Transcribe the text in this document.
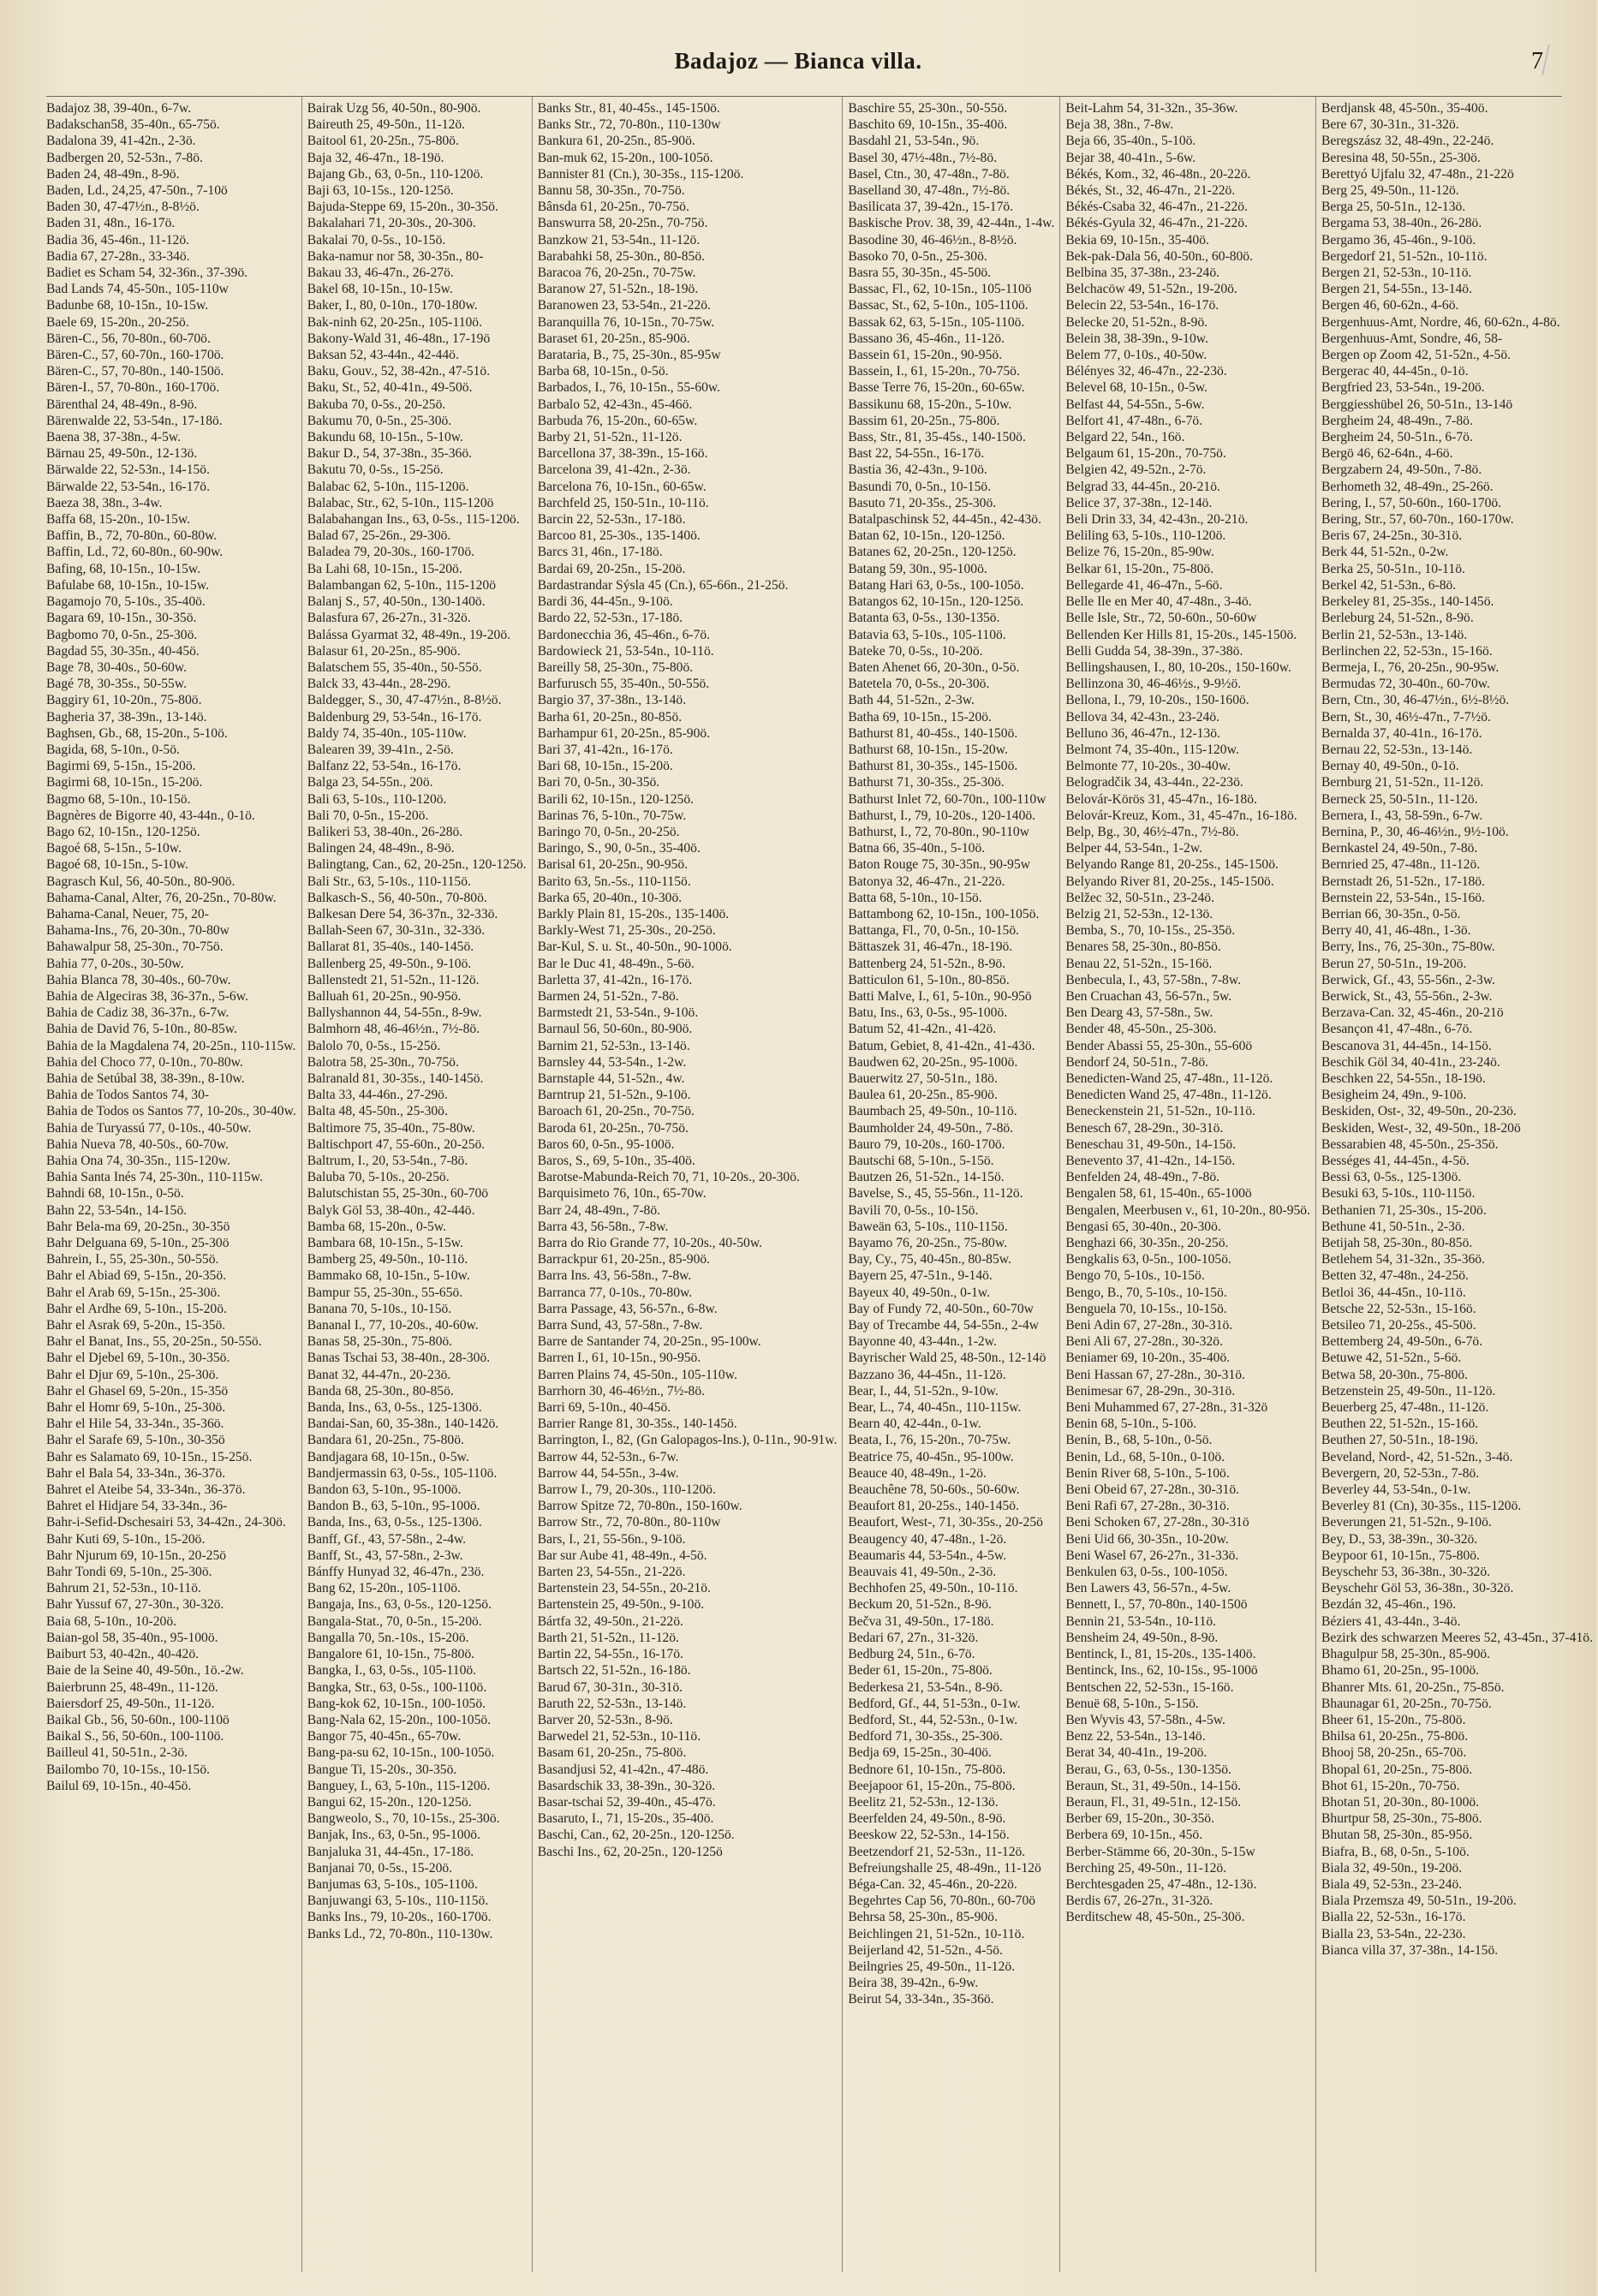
Badajoz — Bianca villa.	7
Badajoz 38, 39-40n., 6-7w.
Badakschan58, 35-40n., 65-75ö.
Badalona 39, 41-42n., 2-3ö.
Badbergen 20, 52-53n., 7-8ö.
Baden 24, 48-49n., 8-9ö.
Baden, Ld., 24,25, 47-50n., 7-10ö
Baden 30, 47-47½n., 8-8½ö.
Baden 31, 48n., 16-17ö.
Badia 36, 45-46n., 11-12ö.
Badia 67, 27-28n., 33-34ö.
Badiet es Scham 54, 32-36n., 37-39ö.
Bad Lands 74, 45-50n., 105-110w
Badunbe 68, 10-15n., 10-15w.
Baele 69, 15-20n., 20-25ö.
Bären-C., 56, 70-80n., 60-70ö.
Bären-C., 57, 60-70n., 160-170ö.
Bären-C., 57, 70-80n., 140-150ö.
Bären-I., 57, 70-80n., 160-170ö.
Bärenthal 24, 48-49n., 8-9ö.
Bärenwalde 22, 53-54n., 17-18ö.
Baena 38, 37-38n., 4-5w.
Bärnau 25, 49-50n., 12-13ö.
Bärwalde 22, 52-53n., 14-15ö.
Bärwalde 22, 53-54n., 16-17ö.
Baeza 38, 38n., 3-4w.
Baffa 68, 15-20n., 10-15w.
Baffin, B., 72, 70-80n., 60-80w.
Baffin, Ld., 72, 60-80n., 60-90w.
Bafing, 68, 10-15n., 10-15w.
Bafulabe 68, 10-15n., 10-15w.
Bagamojo 70, 5-10s., 35-40ö.
Bagara 69, 10-15n., 30-35ö.
Bagbomo 70, 0-5n., 25-30ö.
Bagdad 55, 30-35n., 40-45ö.
Bage 78, 30-40s., 50-60w.
Bagé 78, 30-35s., 50-55w.
Baggiry 61, 10-20n., 75-80ö.
Bagheria 37, 38-39n., 13-14ö.
Baghsen, Gb., 68, 15-20n., 5-10ö.
Bagida, 68, 5-10n., 0-5ö.
Bagirmi 69, 5-15n., 15-20ö.
Bagirmi 68, 10-15n., 15-20ö.
Bagmo 68, 5-10n., 10-15ö.
Bagnères de Bigorre 40, 43-44n., 0-1ö.
Bago 62, 10-15n., 120-125ö.
Bagoé 68, 5-15n., 5-10w.
Bagoé 68, 10-15n., 5-10w.
Bagrasch Kul, 56, 40-50n., 80-90ö.
Bahama-Canal, Alter, 76, 20-25n., 70-80w.
Bahama-Canal, Neuer, 75, 20-
Bahama-Ins., 76, 20-30n., 70-80w
Bahawalpur 58, 25-30n., 70-75ö.
Bahia 77, 0-20s., 30-50w.
Bahia Blanca 78, 30-40s., 60-70w.
Bahia de Algeciras 38, 36-37n., 5-6w.
Bahia de Cadiz 38, 36-37n., 6-7w.
Bahia de David 76, 5-10n., 80-85w.
Bahia de la Magdalena 74, 20-25n., 110-115w.
Bahia del Choco 77, 0-10n., 70-80w.
Bahia de Setúbal 38, 38-39n., 8-10w.
Bahia de Todos Santos 74, 30-
Bahia de Todos os Santos 77, 10-20s., 30-40w.
Bahia de Turyassú 77, 0-10s., 40-50w.
Bahia Nueva 78, 40-50s., 60-70w.
Bahia Ona 74, 30-35n., 115-120w.
Bahia Santa Inés 74, 25-30n., 110-115w.
Bahndi 68, 10-15n., 0-5ö.
Bahn 22, 53-54n., 14-15ö.
Bahr Bela-ma 69, 20-25n., 30-35ö
Bahr Delguana 69, 5-10n., 25-30ö
Bahrein, I., 55, 25-30n., 50-55ö.
Bahr el Abiad 69, 5-15n., 20-35ö.
Bahr el Arab 69, 5-15n., 25-30ö.
Bahr el Ardhe 69, 5-10n., 15-20ö.
Bahr el Asrak 69, 5-20n., 15-35ö.
Bahr el Banat, Ins., 55, 20-25n., 50-55ö.
Bahr el Djebel 69, 5-10n., 30-35ö.
Bahr el Djur 69, 5-10n., 25-30ö.
Bahr el Ghasel 69, 5-20n., 15-35ö
Bahr el Homr 69, 5-10n., 25-30ö.
Bahr el Hile 54, 33-34n., 35-36ö.
Bahr el Sarafe 69, 5-10n., 30-35ö
Bahr es Salamato 69, 10-15n., 15-25ö.
Bahr el Bala 54, 33-34n., 36-37ö.
Bahret el Ateibe 54, 33-34n., 36-37ö.
Bahret el Hidjare 54, 33-34n., 36-
Bahr-i-Sefid-Dschesairi 53, 34-42n., 24-30ö.
Bahr Kuti 69, 5-10n., 15-20ö.
Bahr Njurum 69, 10-15n., 20-25ö
Bahr Tondi 69, 5-10n., 25-30ö.
Bahrum 21, 52-53n., 10-11ö.
Bahr Yussuf 67, 27-30n., 30-32ö.
Baia 68, 5-10n., 10-20ö.
Baian-gol 58, 35-40n., 95-100ö.
Baiburt 53, 40-42n., 40-42ö.
Baie de la Seine 40, 49-50n., 1ö.-2w.
Baierbrunn 25, 48-49n., 11-12ö.
Baiersdorf 25, 49-50n., 11-12ö.
Baikal Gb., 56, 50-60n., 100-110ö
Baikal S., 56, 50-60n., 100-110ö.
Bailleul 41, 50-51n., 2-3ö.
Bailombo 70, 10-15s., 10-15ö.
Bailul 69, 10-15n., 40-45ö.
Bairak Uzg 56, 40-50n., 80-90ö.
Baireuth 25, 49-50n., 11-12ö.
Baitool 61, 20-25n., 75-80ö.
Baja 32, 46-47n., 18-19ö.
Bajang Gb., 63, 0-5n., 110-120ö.
Baji 63, 10-15s., 120-125ö.
Bajuda-Steppe 69, 15-20n., 30-35ö.
Bakalahari 71, 20-30s., 20-30ö.
Bakalai 70, 0-5s., 10-15ö.
Baka-namur nor 58, 30-35n., 80-
Bakau 33, 46-47n., 26-27ö.
Bakel 68, 10-15n., 10-15w.
Baker, I., 80, 0-10n., 170-180w.
Bak-ninh 62, 20-25n., 105-110ö.
Bakony-Wald 31, 46-48n., 17-19ö
Baksan 52, 43-44n., 42-44ö.
Baku, Gouv., 52, 38-42n., 47-51ö.
Baku, St., 52, 40-41n., 49-50ö.
Bakuba 70, 0-5s., 20-25ö.
Bakumu 70, 0-5n., 25-30ö.
Bakundu 68, 10-15n., 5-10w.
Bakur D., 54, 37-38n., 35-36ö.
Bakutu 70, 0-5s., 15-25ö.
Balabac 62, 5-10n., 115-120ö.
Balabac, Str., 62, 5-10n., 115-120ö
Balabahangan Ins., 63, 0-5s., 115-120ö.
Balad 67, 25-26n., 29-30ö.
Baladea 79, 20-30s., 160-170ö.
Ba Lahi 68, 10-15n., 15-20ö.
Balambangan 62, 5-10n., 115-120ö
Balanj S., 57, 40-50n., 130-140ö.
Balasfura 67, 26-27n., 31-32ö.
Balássa Gyarmat 32, 48-49n., 19-20ö.
Balasur 61, 20-25n., 85-90ö.
Balatschem 55, 35-40n., 50-55ö.
Balck 33, 43-44n., 28-29ö.
Baldegger, S., 30, 47-47½n., 8-8½ö.
Baldenburg 29, 53-54n., 16-17ö.
Baldy 74, 35-40n., 105-110w.
Balearen 39, 39-41n., 2-5ö.
Balfanz 22, 53-54n., 16-17ö.
Balga 23, 54-55n., 20ö.
Bali 63, 5-10s., 110-120ö.
Bali 70, 0-5n., 15-20ö.
Balikeri 53, 38-40n., 26-28ö.
Balingen 24, 48-49n., 8-9ö.
Balingtang, Can., 62, 20-25n., 120-125ö.
Bali Str., 63, 5-10s., 110-115ö.
Balkasch-S., 56, 40-50n., 70-80ö.
Balkesan Dere 54, 36-37n., 32-33ö.
Ballah-Seen 67, 30-31n., 32-33ö.
Ballarat 81, 35-40s., 140-145ö.
Ballenberg 25, 49-50n., 9-10ö.
Ballenstedt 21, 51-52n., 11-12ö.
Balluah 61, 20-25n., 90-95ö.
Ballyshannon 44, 54-55n., 8-9w.
Balmhorn 48, 46-46½n., 7½-8ö.
Balolo 70, 0-5s., 15-25ö.
Balotra 58, 25-30n., 70-75ö.
Balranald 81, 30-35s., 140-145ö.
Balta 33, 44-46n., 27-29ö.
Balta 48, 45-50n., 25-30ö.
Baltimore 75, 35-40n., 75-80w.
Baltischport 47, 55-60n., 20-25ö.
Baltrum, I., 20, 53-54n., 7-8ö.
Baluba 70, 5-10s., 20-25ö.
Balutschistan 55, 25-30n., 60-70ö
Balyk Göl 53, 38-40n., 42-44ö.
Bamba 68, 15-20n., 0-5w.
Bambara 68, 10-15n., 5-15w.
Bamberg 25, 49-50n., 10-11ö.
Bammako 68, 10-15n., 5-10w.
Bampur 55, 25-30n., 55-65ö.
Banana 70, 5-10s., 10-15ö.
Bananal I., 77, 10-20s., 40-60w.
Banas 58, 25-30n., 75-80ö.
Banas Tschai 53, 38-40n., 28-30ö.
Banat 32, 44-47n., 20-23ö.
Banda 68, 25-30n., 80-85ö.
Banda, Ins., 63, 0-5s., 125-130ö.
Bandai-San, 60, 35-38n., 140-142ö.
Bandara 61, 20-25n., 75-80ö.
Bandjagara 68, 10-15n., 0-5w.
Bandjermassin 63, 0-5s., 105-110ö.
Bandon 63, 5-10n., 95-100ö.
Bandon B., 63, 5-10n., 95-100ö.
Banda, Ins., 63, 0-5s., 125-130ö.
Banff, Gf., 43, 57-58n., 2-4w.
Banff, St., 43, 57-58n., 2-3w.
Bánffy Hunyad 32, 46-47n., 23ö.
Bang 62, 15-20n., 105-110ö.
Bangaja, Ins., 63, 0-5s., 120-125ö.
Bangala-Stat., 70, 0-5n., 15-20ö.
Bangalla 70, 5n.-10s., 15-20ö.
Bangalore 61, 10-15n., 75-80ö.
Bangka, I., 63, 0-5s., 105-110ö.
Bangka, Str., 63, 0-5s., 100-110ö.
Bang-kok 62, 10-15n., 100-105ö.
Bang-Nala 62, 15-20n., 100-105ö.
Bangor 75, 40-45n., 65-70w.
Bang-pa-su 62, 10-15n., 100-105ö.
Bangue Ti, 15-20s., 30-35ö.
Banguey, I., 63, 5-10n., 115-120ö.
Bangui 62, 15-20n., 120-125ö.
Bangweolo, S., 70, 10-15s., 25-30ö.
Banjak, Ins., 63, 0-5n., 95-100ö.
Banjaluka 31, 44-45n., 17-18ö.
Banjanai 70, 0-5s., 15-20ö.
Banjumas 63, 5-10s., 105-110ö.
Banjuwangi 63, 5-10s., 110-115ö.
Banks Ins., 79, 10-20s., 160-170ö.
Banks Ld., 72, 70-80n., 110-130w.
Banks Str., 81, 40-45s., 145-150ö.
Banks Str., 72, 70-80n., 110-130w
Bankura 61, 20-25n., 85-90ö.
Ban-muk 62, 15-20n., 100-105ö.
Bannister 81 (Cn.), 30-35s., 115-120ö.
Bannu 58, 30-35n., 70-75ö.
Bânsda 61, 20-25n., 70-75ö.
Banswurra 58, 20-25n., 70-75ö.
Banzkow 21, 53-54n., 11-12ö.
Barabahki 58, 25-30n., 80-85ö.
Baracoa 76, 20-25n., 70-75w.
Baranow 27, 51-52n., 18-19ö.
Baranowen 23, 53-54n., 21-22ö.
Baranquilla 76, 10-15n., 70-75w.
Baraset 61, 20-25n., 85-90ö.
Barataria, B., 75, 25-30n., 85-95w
Barba 68, 10-15n., 0-5ö.
Barbados, I., 76, 10-15n., 55-60w.
Barbalo 52, 42-43n., 45-46ö.
Barbuda 76, 15-20n., 60-65w.
Barby 21, 51-52n., 11-12ö.
Barcellona 37, 38-39n., 15-16ö.
Barcelona 39, 41-42n., 2-3ö.
Barcelona 76, 10-15n., 60-65w.
Barchfeld 25, 150-51n., 10-11ö.
Barcin 22, 52-53n., 17-18ö.
Barcoo 81, 25-30s., 135-140ö.
Barcs 31, 46n., 17-18ö.
Bardai 69, 20-25n., 15-20ö.
Bardastrandar Sýsla 45 (Cn.), 65-66n., 21-25ö.
Bardi 36, 44-45n., 9-10ö.
Bardo 22, 52-53n., 17-18ö.
Bardonecchia 36, 45-46n., 6-7ö.
Bardowieck 21, 53-54n., 10-11ö.
Bareilly 58, 25-30n., 75-80ö.
Barfurusch 55, 35-40n., 50-55ö.
Bargio 37, 37-38n., 13-14ö.
Barha 61, 20-25n., 80-85ö.
Barhampur 61, 20-25n., 85-90ö.
Bari 37, 41-42n., 16-17ö.
Bari 68, 10-15n., 15-20ö.
Bari 70, 0-5n., 30-35ö.
Barili 62, 10-15n., 120-125ö.
Barinas 76, 5-10n., 70-75w.
Baringo 70, 0-5n., 20-25ö.
Baringo, S., 90, 0-5n., 35-40ö.
Barisal 61, 20-25n., 90-95ö.
Barito 63, 5n.-5s., 110-115ö.
Barka 65, 20-40n., 10-30ö.
Barkly Plain 81, 15-20s., 135-140ö.
Barkly-West 71, 25-30s., 20-25ö.
Bar-Kul, S. u. St., 40-50n., 90-100ö.
Bar le Duc 41, 48-49n., 5-6ö.
Barletta 37, 41-42n., 16-17ö.
Barmen 24, 51-52n., 7-8ö.
Barmstedt 21, 53-54n., 9-10ö.
Barnaul 56, 50-60n., 80-90ö.
Barnim 21, 52-53n., 13-14ö.
Barnsley 44, 53-54n., 1-2w.
Barnstaple 44, 51-52n., 4w.
Barntrup 21, 51-52n., 9-10ö.
Baroach 61, 20-25n., 70-75ö.
Baroda 61, 20-25n., 70-75ö.
Baros 60, 0-5n., 95-100ö.
Baros, S., 69, 5-10n., 35-40ö.
Barotse-Mabunda-Reich 70, 71, 10-20s., 20-30ö.
Barquisimeto 76, 10n., 65-70w.
Barr 24, 48-49n., 7-8ö.
Barra 43, 56-58n., 7-8w.
Barra do Rio Grande 77, 10-20s., 40-50w.
Barrackpur 61, 20-25n., 85-90ö.
Barra Ins. 43, 56-58n., 7-8w.
Barranca 77, 0-10s., 70-80w.
Barra Passage, 43, 56-57n., 6-8w.
Barra Sund, 43, 57-58n., 7-8w.
Barre de Santander 74, 20-25n., 95-100w.
Barren I., 61, 10-15n., 90-95ö.
Barren Plains 74, 45-50n., 105-110w.
Barrhorn 30, 46-46½n., 7½-8ö.
Barri 69, 5-10n., 40-45ö.
Barrier Range 81, 30-35s., 140-145ö.
Barrington, I., 82, (Gn Galopagos-Ins.), 0-11n., 90-91w.
Barrow 44, 52-53n., 6-7w.
Barrow 44, 54-55n., 3-4w.
Barrow I., 79, 20-30s., 110-120ö.
Barrow Spitze 72, 70-80n., 150-160w.
Barrow Str., 72, 70-80n., 80-110w
Bars, I., 21, 55-56n., 9-10ö.
Bar sur Aube 41, 48-49n., 4-5ö.
Barten 23, 54-55n., 21-22ö.
Bartenstein 23, 54-55n., 20-21ö.
Bartenstein 25, 49-50n., 9-10ö.
Bártfa 32, 49-50n., 21-22ö.
Barth 21, 51-52n., 11-12ö.
Bartin 22, 54-55n., 16-17ö.
Bartsch 22, 51-52n., 16-18ö.
Barud 67, 30-31n., 30-31ö.
Baruth 22, 52-53n., 13-14ö.
Barver 20, 52-53n., 8-9ö.
Barwedel 21, 52-53n., 10-11ö.
Basam 61, 20-25n., 75-80ö.
Basandjusi 52, 41-42n., 47-48ö.
Basardschik 33, 38-39n., 30-32ö.
Basar-tschai 52, 39-40n., 45-47ö.
Basaruto, I., 71, 15-20s., 35-40ö.
Baschi, Can., 62, 20-25n., 120-125ö.
Baschi Ins., 62, 20-25n., 120-125ö
Baschire 55, 25-30n., 50-55ö.
Baschito 69, 10-15n., 35-40ö.
Basdahl 21, 53-54n., 9ö.
Basel 30, 47½-48n., 7½-8ö.
Basel, Ctn., 30, 47-48n., 7-8ö.
Baselland 30, 47-48n., 7½-8ö.
Basilicata 37, 39-42n., 15-17ö.
Baskische Prov. 38, 39, 42-44n., 1-4w.
Basodine 30, 46-46½n., 8-8½ö.
Basoko 70, 0-5n., 25-30ö.
Basra 55, 30-35n., 45-50ö.
Bassac, Fl., 62, 10-15n., 105-110ö
Bassac, St., 62, 5-10n., 105-110ö.
Bassak 62, 63, 5-15n., 105-110ö.
Bassano 36, 45-46n., 11-12ö.
Bassein 61, 15-20n., 90-95ö.
Bassein, I., 61, 15-20n., 70-75ö.
Basse Terre 76, 15-20n., 60-65w.
Bassikunu 68, 15-20n., 5-10w.
Bassim 61, 20-25n., 75-80ö.
Bass, Str., 81, 35-45s., 140-150ö.
Bast 22, 54-55n., 16-17ö.
Bastia 36, 42-43n., 9-10ö.
Basundi 70, 0-5n., 10-15ö.
Basuto 71, 20-35s., 25-30ö.
Batalpaschinsk 52, 44-45n., 42-43ö.
Batan 62, 10-15n., 120-125ö.
Batanes 62, 20-25n., 120-125ö.
Batang 59, 30n., 95-100ö.
Batang Hari 63, 0-5s., 100-105ö.
Batangos 62, 10-15n., 120-125ö.
Batanta 63, 0-5s., 130-135ö.
Batavia 63, 5-10s., 105-110ö.
Bateke 70, 0-5s., 10-20ö.
Baten Ahenet 66, 20-30n., 0-5ö.
Batetela 70, 0-5s., 20-30ö.
Bath 44, 51-52n., 2-3w.
Batha 69, 10-15n., 15-20ö.
Bathurst 81, 40-45s., 140-150ö.
Bathurst 68, 10-15n., 15-20w.
Bathurst 81, 30-35s., 145-150ö.
Bathurst 71, 30-35s., 25-30ö.
Bathurst Inlet 72, 60-70n., 100-110w
Bathurst, I., 79, 10-20s., 120-140ö.
Bathurst, I., 72, 70-80n., 90-110w
Batna 66, 35-40n., 5-10ö.
Baton Rouge 75, 30-35n., 90-95w
Batonya 32, 46-47n., 21-22ö.
Batta 68, 5-10n., 10-15ö.
Battambong 62, 10-15n., 100-105ö.
Battanga, Fl., 70, 0-5n., 10-15ö.
Bättaszek 31, 46-47n., 18-19ö.
Battenberg 24, 51-52n., 8-9ö.
Batticulon 61, 5-10n., 80-85ö.
Batti Malve, I., 61, 5-10n., 90-95ö
Batu, Ins., 63, 0-5s., 95-100ö.
Batum 52, 41-42n., 41-42ö.
Batum, Gebiet, 8, 41-42n., 41-43ö.
Baudwen 62, 20-25n., 95-100ö.
Bauerwitz 27, 50-51n., 18ö.
Baulea 61, 20-25n., 85-90ö.
Baumbach 25, 49-50n., 10-11ö.
Baumholder 24, 49-50n., 7-8ö.
Bauro 79, 10-20s., 160-170ö.
Bautschi 68, 5-10n., 5-15ö.
Bautzen 26, 51-52n., 14-15ö.
Bavelse, S., 45, 55-56n., 11-12ö.
Bavili 70, 0-5s., 10-15ö.
Baweän 63, 5-10s., 110-115ö.
Bayamo 76, 20-25n., 75-80w.
Bay, Cy., 75, 40-45n., 80-85w.
Bayern 25, 47-51n., 9-14ö.
Bayeux 40, 49-50n., 0-1w.
Bay of Fundy 72, 40-50n., 60-70w
Bay of Trecambe 44, 54-55n., 2-4w
Bayonne 40, 43-44n., 1-2w.
Bayrischer Wald 25, 48-50n., 12-14ö
Bazzano 36, 44-45n., 11-12ö.
Bear, I., 44, 51-52n., 9-10w.
Bear, L., 74, 40-45n., 110-115w.
Bearn 40, 42-44n., 0-1w.
Beata, I., 76, 15-20n., 70-75w.
Beatrice 75, 40-45n., 95-100w.
Beauce 40, 48-49n., 1-2ö.
Beauchêne 78, 50-60s., 50-60w.
Beaufort 81, 20-25s., 140-145ö.
Beaufort, West-, 71, 30-35s., 20-25ö
Beaugency 40, 47-48n., 1-2ö.
Beaumaris 44, 53-54n., 4-5w.
Beauvais 41, 49-50n., 2-3ö.
Bechhofen 25, 49-50n., 10-11ö.
Beckum 20, 51-52n., 8-9ö.
Bečva 31, 49-50n., 17-18ö.
Bedari 67, 27n., 31-32ö.
Bedburg 24, 51n., 6-7ö.
Beder 61, 15-20n., 75-80ö.
Bederkesa 21, 53-54n., 8-9ö.
Bedford, Gf., 44, 51-53n., 0-1w.
Bedford, St., 44, 52-53n., 0-1w.
Bedford 71, 30-35s., 25-30ö.
Bedja 69, 15-25n., 30-40ö.
Bednore 61, 10-15n., 75-80ö.
Beejapoor 61, 15-20n., 75-80ö.
Beelitz 21, 52-53n., 12-13ö.
Beerfelden 24, 49-50n., 8-9ö.
Beeskow 22, 52-53n., 14-15ö.
Beetzendorf 21, 52-53n., 11-12ö.
Befreiungshalle 25, 48-49n., 11-12ö
Béga-Can. 32, 45-46n., 20-22ö.
Begehrtes Cap 56, 70-80n., 60-70ö
Behrsa 58, 25-30n., 85-90ö.
Beichlingen 21, 51-52n., 10-11ö.
Beijerland 42, 51-52n., 4-5ö.
Beilngries 25, 49-50n., 11-12ö.
Beira 38, 39-42n., 6-9w.
Beirut 54, 33-34n., 35-36ö.
Beit-Lahm 54, 31-32n., 35-36w.
Beja 38, 38n., 7-8w.
Beja 66, 35-40n., 5-10ö.
Bejar 38, 40-41n., 5-6w.
Békés, Kom., 32, 46-48n., 20-22ö.
Békés, St., 32, 46-47n., 21-22ö.
Békés-Csaba 32, 46-47n., 21-22ö.
Békés-Gyula 32, 46-47n., 21-22ö.
Bekia 69, 10-15n., 35-40ö.
Bek-pak-Dala 56, 40-50n., 60-80ö.
Belbina 35, 37-38n., 23-24ö.
Belchacöw 49, 51-52n., 19-20ö.
Belecin 22, 53-54n., 16-17ö.
Belecke 20, 51-52n., 8-9ö.
Belein 38, 38-39n., 9-10w.
Belem 77, 0-10s., 40-50w.
Bélényes 32, 46-47n., 22-23ö.
Belevel 68, 10-15n., 0-5w.
Belfast 44, 54-55n., 5-6w.
Belfort 41, 47-48n., 6-7ö.
Belgard 22, 54n., 16ö.
Belgaum 61, 15-20n., 70-75ö.
Belgien 42, 49-52n., 2-7ö.
Belgrad 33, 44-45n., 20-21ö.
Belice 37, 37-38n., 12-14ö.
Beli Drin 33, 34, 42-43n., 20-21ö.
Beliling 63, 5-10s., 110-120ö.
Belize 76, 15-20n., 85-90w.
Belkar 61, 15-20n., 75-80ö.
Bellegarde 41, 46-47n., 5-6ö.
Belle Ile en Mer 40, 47-48n., 3-4ö.
Belle Isle, Str., 72, 50-60n., 50-60w
Bellenden Ker Hills 81, 15-20s., 145-150ö.
Belli Gudda 54, 38-39n., 37-38ö.
Bellingshausen, I., 80, 10-20s., 150-160w.
Bellinzona 30, 46-46½s., 9-9½ö.
Bellona, I., 79, 10-20s., 150-160ö.
Bellova 34, 42-43n., 23-24ö.
Belluno 36, 46-47n., 12-13ö.
Belmont 74, 35-40n., 115-120w.
Belmonte 77, 10-20s., 30-40w.
Belogradčik 34, 43-44n., 22-23ö.
Belovár-Körös 31, 45-47n., 16-18ö.
Belovár-Kreuz, Kom., 31, 45-47n., 16-18ö.
Belp, Bg., 30, 46½-47n., 7½-8ö.
Belper 44, 53-54n., 1-2w.
Belyando Range 81, 20-25s., 145-150ö.
Belyando River 81, 20-25s., 145-150ö.
Belžec 32, 50-51n., 23-24ö.
Belzig 21, 52-53n., 12-13ö.
Bemba, S., 70, 10-15s., 25-35ö.
Benares 58, 25-30n., 80-85ö.
Benau 22, 51-52n., 15-16ö.
Benbecula, I., 43, 57-58n., 7-8w.
Ben Cruachan 43, 56-57n., 5w.
Ben Dearg 43, 57-58n., 5w.
Bender 48, 45-50n., 25-30ö.
Bender Abassi 55, 25-30n., 55-60ö
Bendorf 24, 50-51n., 7-8ö.
Benedicten-Wand 25, 47-48n., 11-12ö.
Benedicten Wand 25, 47-48n., 11-12ö.
Beneckenstein 21, 51-52n., 10-11ö.
Benesch 67, 28-29n., 30-31ö.
Beneschau 31, 49-50n., 14-15ö.
Benevento 37, 41-42n., 14-15ö.
Benfelden 24, 48-49n., 7-8ö.
Bengalen 58, 61, 15-40n., 65-100ö
Bengalen, Meerbusen v., 61, 10-20n., 80-95ö.
Bengasi 65, 30-40n., 20-30ö.
Benghazi 66, 30-35n., 20-25ö.
Bengkalis 63, 0-5n., 100-105ö.
Bengo 70, 5-10s., 10-15ö.
Bengo, B., 70, 5-10s., 10-15ö.
Benguela 70, 10-15s., 10-15ö.
Beni Adin 67, 27-28n., 30-31ö.
Beni Ali 67, 27-28n., 30-32ö.
Beniamer 69, 10-20n., 35-40ö.
Beni Hassan 67, 27-28n., 30-31ö.
Benimesar 67, 28-29n., 30-31ö.
Beni Muhammed 67, 27-28n., 31-32ö
Benin 68, 5-10n., 5-10ö.
Benin, B., 68, 5-10n., 0-5ö.
Benin, Ld., 68, 5-10n., 0-10ö.
Benin River 68, 5-10n., 5-10ö.
Beni Obeid 67, 27-28n., 30-31ö.
Beni Rafi 67, 27-28n., 30-31ö.
Beni Schoken 67, 27-28n., 30-31ö
Beni Uid 66, 30-35n., 10-20w.
Beni Wasel 67, 26-27n., 31-33ö.
Benkulen 63, 0-5s., 100-105ö.
Ben Lawers 43, 56-57n., 4-5w.
Bennett, I., 57, 70-80n., 140-150ö
Bennin 21, 53-54n., 10-11ö.
Bensheim 24, 49-50n., 8-9ö.
Bentinck, I., 81, 15-20s., 135-140ö.
Bentinck, Ins., 62, 10-15s., 95-100ö
Bentschen 22, 52-53n., 15-16ö.
Benuë 68, 5-10n., 5-15ö.
Ben Wyvis 43, 57-58n., 4-5w.
Benz 22, 53-54n., 13-14ö.
Berat 34, 40-41n., 19-20ö.
Berau, G., 63, 0-5s., 130-135ö.
Beraun, St., 31, 49-50n., 14-15ö.
Beraun, Fl., 31, 49-51n., 12-15ö.
Berber 69, 15-20n., 30-35ö.
Berbera 69, 10-15n., 45ö.
Berber-Stämme 66, 20-30n., 5-15w
Berching 25, 49-50n., 11-12ö.
Berchtesgaden 25, 47-48n., 12-13ö.
Berdis 67, 26-27n., 31-32ö.
Berditschew 48, 45-50n., 25-30ö.
Berdjansk 48, 45-50n., 35-40ö.
Bere 67, 30-31n., 31-32ö.
Beregszász 32, 48-49n., 22-24ö.
Beresina 48, 50-55n., 25-30ö.
Berettyó Ujfalu 32, 47-48n., 21-22ö
Berg 25, 49-50n., 11-12ö.
Berga 25, 50-51n., 12-13ö.
Bergama 53, 38-40n., 26-28ö.
Bergamo 36, 45-46n., 9-10ö.
Bergedorf 21, 51-52n., 10-11ö.
Bergen 21, 52-53n., 10-11ö.
Bergen 21, 54-55n., 13-14ö.
Bergen 46, 60-62n., 4-6ö.
Bergenhuus-Amt, Nordre, 46, 60-62n., 4-8ö.
Bergenhuus-Amt, Sondre, 46, 58-
Bergen op Zoom 42, 51-52n., 4-5ö.
Bergerac 40, 44-45n., 0-1ö.
Bergfried 23, 53-54n., 19-20ö.
Berggiesshübel 26, 50-51n., 13-14ö
Bergheim 24, 48-49n., 7-8ö.
Bergheim 24, 50-51n., 6-7ö.
Bergö 46, 62-64n., 4-6ö.
Bergzabern 24, 49-50n., 7-8ö.
Berhometh 32, 48-49n., 25-26ö.
Bering, I., 57, 50-60n., 160-170ö.
Bering, Str., 57, 60-70n., 160-170w.
Beris 67, 24-25n., 30-31ö.
Berk 44, 51-52n., 0-2w.
Berka 25, 50-51n., 10-11ö.
Berkel 42, 51-53n., 6-8ö.
Berkeley 81, 25-35s., 140-145ö.
Berleburg 24, 51-52n., 8-9ö.
Berlin 21, 52-53n., 13-14ö.
Berlinchen 22, 52-53n., 15-16ö.
Bermeja, I., 76, 20-25n., 90-95w.
Bermudas 72, 30-40n., 60-70w.
Bern, Ctn., 30, 46-47½n., 6½-8½ö.
Bern, St., 30, 46½-47n., 7-7½ö.
Bernalda 37, 40-41n., 16-17ö.
Bernau 22, 52-53n., 13-14ö.
Bernay 40, 49-50n., 0-1ö.
Bernburg 21, 51-52n., 11-12ö.
Berneck 25, 50-51n., 11-12ö.
Bernera, I., 43, 58-59n., 6-7w.
Bernina, P., 30, 46-46½n., 9½-10ö.
Bernkastel 24, 49-50n., 7-8ö.
Bernried 25, 47-48n., 11-12ö.
Bernstadt 26, 51-52n., 17-18ö.
Bernstein 22, 53-54n., 15-16ö.
Berrian 66, 30-35n., 0-5ö.
Berry 40, 41, 46-48n., 1-3ö.
Berry, Ins., 76, 25-30n., 75-80w.
Berun 27, 50-51n., 19-20ö.
Berwick, Gf., 43, 55-56n., 2-3w.
Berwick, St., 43, 55-56n., 2-3w.
Berzava-Can. 32, 45-46n., 20-21ö
Besançon 41, 47-48n., 6-7ö.
Bescanova 31, 44-45n., 14-15ö.
Beschik Göl 34, 40-41n., 23-24ö.
Beschken 22, 54-55n., 18-19ö.
Besigheim 24, 49n., 9-10ö.
Beskiden, Ost-, 32, 49-50n., 20-23ö.
Beskiden, West-, 32, 49-50n., 18-20ö
Bessarabien 48, 45-50n., 25-35ö.
Bességes 41, 44-45n., 4-5ö.
Bessi 63, 0-5s., 125-130ö.
Besuki 63, 5-10s., 110-115ö.
Bethanien 71, 25-30s., 15-20ö.
Bethune 41, 50-51n., 2-3ö.
Betijah 58, 25-30n., 80-85ö.
Betlehem 54, 31-32n., 35-36ö.
Betten 32, 47-48n., 24-25ö.
Betloi 36, 44-45n., 10-11ö.
Betsche 22, 52-53n., 15-16ö.
Betsileo 71, 20-25s., 45-50ö.
Bettemberg 24, 49-50n., 6-7ö.
Betuwe 42, 51-52n., 5-6ö.
Betwa 58, 20-30n., 75-80ö.
Betzenstein 25, 49-50n., 11-12ö.
Beuerberg 25, 47-48n., 11-12ö.
Beuthen 22, 51-52n., 15-16ö.
Beuthen 27, 50-51n., 18-19ö.
Beveland, Nord-, 42, 51-52n., 3-4ö.
Bevergern, 20, 52-53n., 7-8ö.
Beverley 44, 53-54n., 0-1w.
Beverley 81 (Cn), 30-35s., 115-120ö.
Beverungen 21, 51-52n., 9-10ö.
Bey, D., 53, 38-39n., 30-32ö.
Beypoor 61, 10-15n., 75-80ö.
Beyschehr 53, 36-38n., 30-32ö.
Beyschehr Göl 53, 36-38n., 30-32ö.
Bezdán 32, 45-46n., 19ö.
Béziers 41, 43-44n., 3-4ö.
Bezirk des schwarzen Meeres 52, 43-45n., 37-41ö.
Bhagulpur 58, 25-30n., 85-90ö.
Bhamo 61, 20-25n., 95-100ö.
Bhanrer Mts. 61, 20-25n., 75-85ö.
Bhaunagar 61, 20-25n., 70-75ö.
Bheer 61, 15-20n., 75-80ö.
Bhilsa 61, 20-25n., 75-80ö.
Bhooj 58, 20-25n., 65-70ö.
Bhopal 61, 20-25n., 75-80ö.
Bhot 61, 15-20n., 70-75ö.
Bhotan 51, 20-30n., 80-100ö.
Bhurtpur 58, 25-30n., 75-80ö.
Bhutan 58, 25-30n., 85-95ö.
Biafra, B., 68, 0-5n., 5-10ö.
Biala 32, 49-50n., 19-20ö.
Biala 49, 52-53n., 23-24ö.
Biala Przemsza 49, 50-51n., 19-20ö.
Bialla 22, 52-53n., 16-17ö.
Bialla 23, 53-54n., 22-23ö.
Bianca villa 37, 37-38n., 14-15ö.
